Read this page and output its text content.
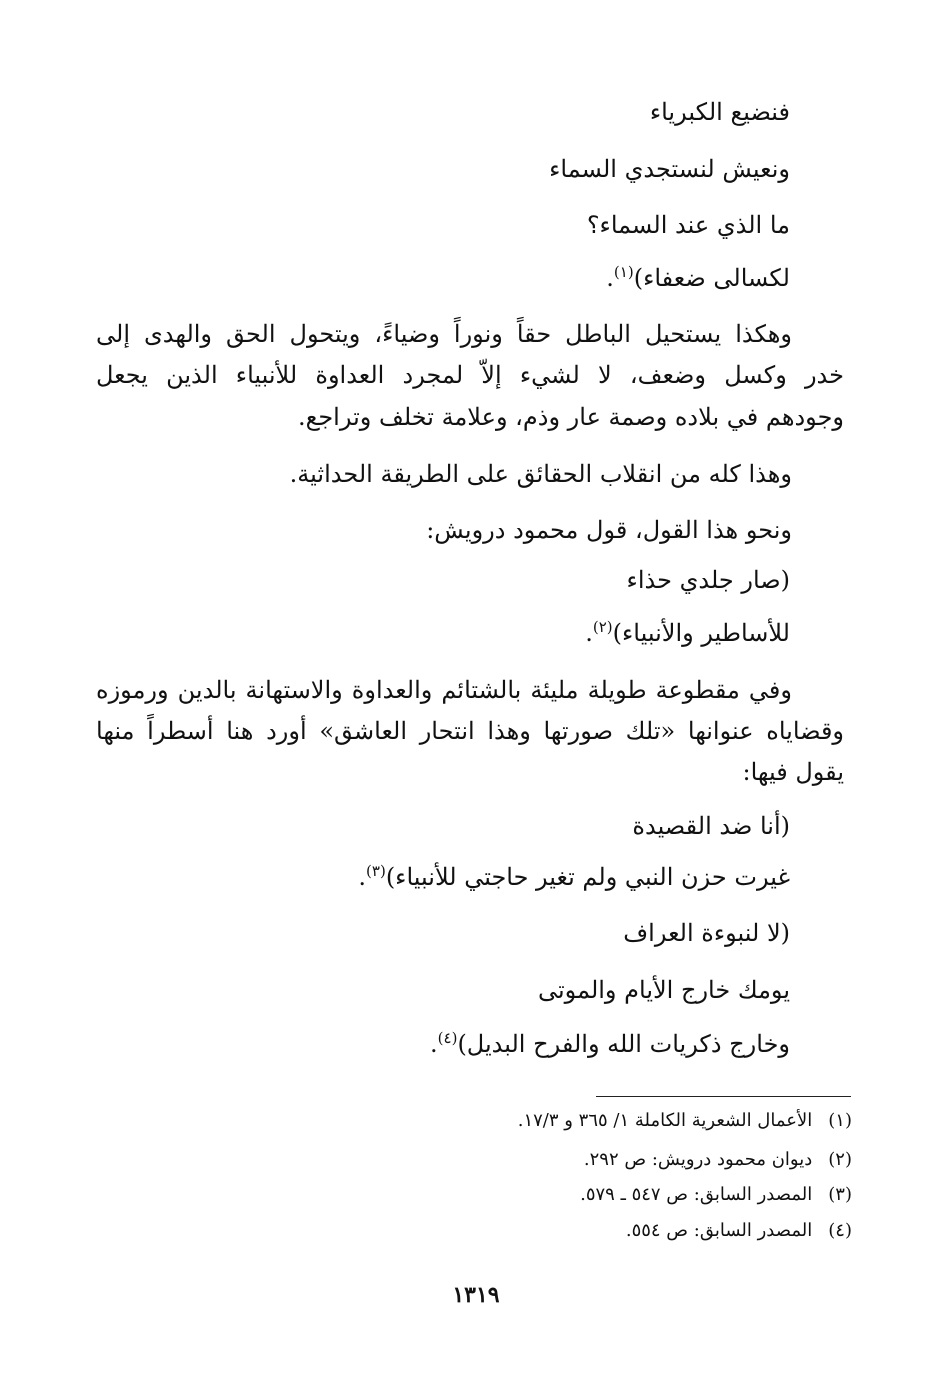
فنضيع الكبرياء
ونعيش لنستجدي السماء
ما الذي عند السماء؟
لكسالى ضعفاء)$^{(١)}$.
وهكذا يستحيل الباطل حقاً ونوراً وضياءً، ويتحول الحق والهدى إلى
خدر وكسل وضعف، لا لشيء إلاّ لمجرد العداوة للأنبياء الذين يجعل
وجودهم في بلاده وصمة عار وذم، وعلامة تخلف وتراجع.
وهذا كله من انقلاب الحقائق على الطريقة الحداثية.
ونحو هذا القول، قول محمود درويش:
(صار جلدي حذاء
للأساطير والأنبياء)$^{(٢)}$.
وفي مقطوعة طويلة مليئة بالشتائم والعداوة والاستهانة بالدين ورموزه
وقضاياه عنوانها «تلك صورتها وهذا انتحار العاشق» أورد هنا أسطراً منها
يقول فيها:
(أنا ضد القصيدة
غيرت حزن النبي ولم تغير حاجتي للأنبياء)$^{(٣)}$.
(لا لنبوءة العراف
يومك خارج الأيام والموتى
وخارج ذكريات الله والفرح البديل)$^{(٤)}$.
(١) الأعمال الشعرية الكاملة ١/ ٣٦٥ و ١٧/٣.
(٢) ديوان محمود درويش: ص ٢٩٢.
(٣) المصدر السابق: ص ٥٤٧ ـ ٥٧٩.
(٤) المصدر السابق: ص ٥٥٤.
١٣١٩
